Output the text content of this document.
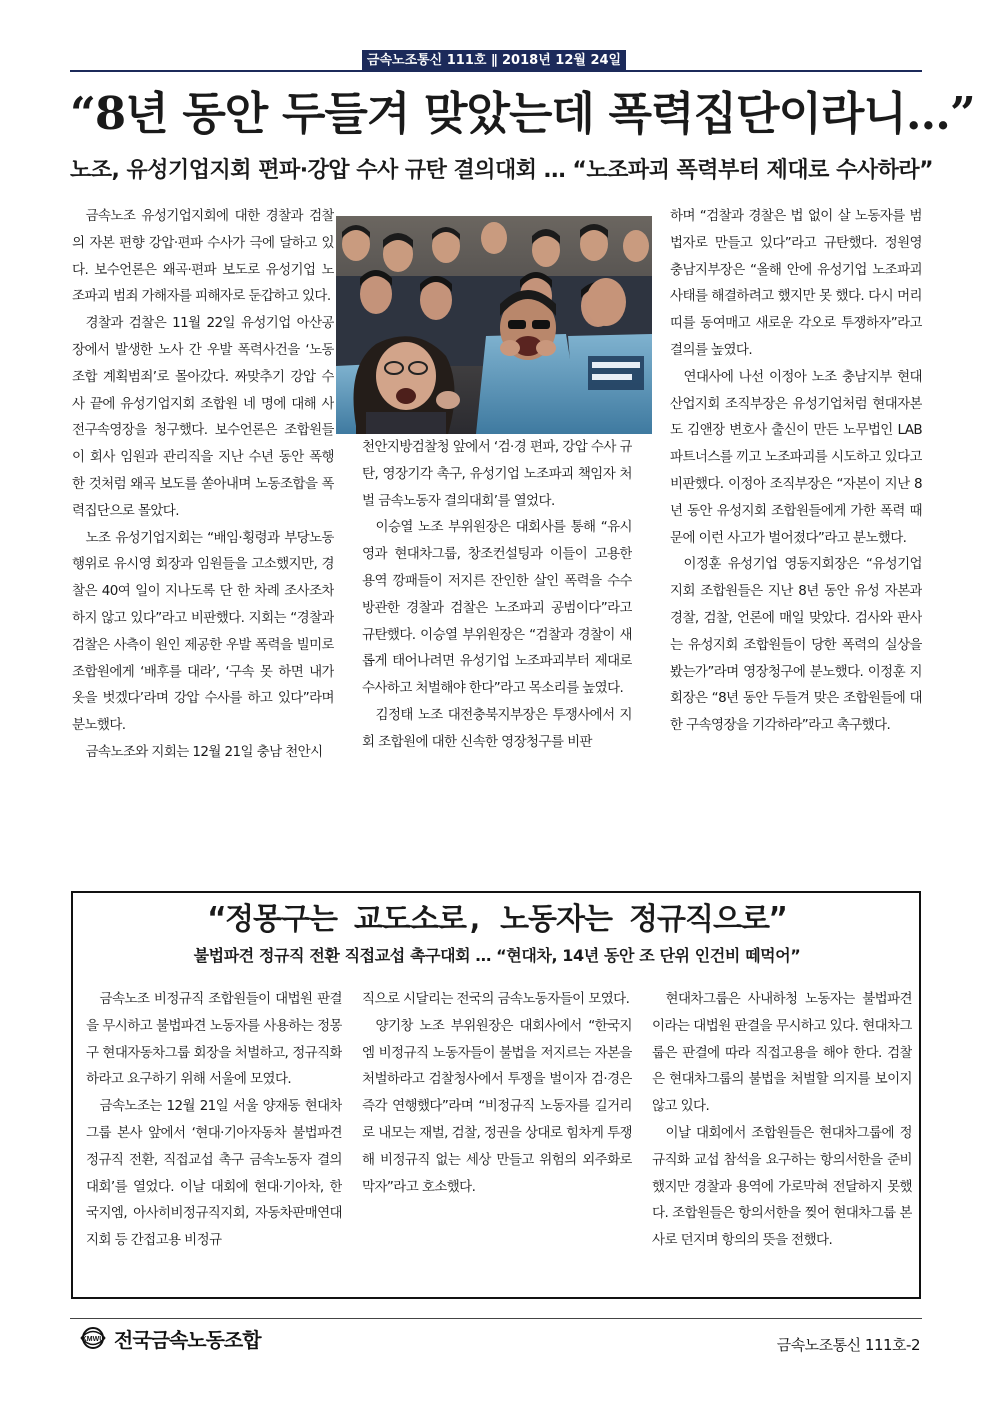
금속노조통신 111호 ∥ 2018년 12월 24일
“8년 동안 두들겨 맞았는데 폭력집단이라니…”
노조, 유성기업지회 편파·강압 수사 규탄 결의대회 … “노조파괴 폭력부터 제대로 수사하라”

금속노조 유성기업지회에 대한 경찰과 검찰의 자본 편향 강압·편파 수사가 극에 달하고 있다. 보수언론은 왜곡·편파 보도로 유성기업 노조파괴 범죄 가해자를 피해자로 둔갑하고 있다.

경찰과 검찰은 11월 22일 유성기업 아산공장에서 발생한 노사 간 우발 폭력사건을 ‘노동조합 계획범죄’로 몰아갔다. 짜맞추기 강압 수사 끝에 유성기업지회 조합원 네 명에 대해 사전구속영장을 청구했다. 보수언론은 조합원들이 회사 임원과 관리직을 지난 수년 동안 폭행한 것처럼 왜곡 보도를 쏟아내며 노동조합을 폭력집단으로 몰았다.

노조 유성기업지회는 “배임·횡령과 부당노동행위로 유시영 회장과 임원들을 고소했지만, 경찰은 40여 일이 지나도록 단 한 차례 조사조차 하지 않고 있다”라고 비판했다. 지회는 “경찰과 검찰은 사측이 원인 제공한 우발 폭력을 빌미로 조합원에게 ‘배후를 대라’, ‘구속 못 하면 내가 옷을 벗겠다’라며 강압 수사를 하고 있다”라며 분노했다.

금속노조와 지회는 12월 21일 충남 천안시

천안지방검찰청 앞에서 ‘검·경 편파, 강압 수사 규탄, 영장기각 촉구, 유성기업 노조파괴 책임자 처벌 금속노동자 결의대회’를 열었다.

이승열 노조 부위원장은 대회사를 통해 “유시영과 현대차그룹, 창조컨설팅과 이들이 고용한 용역 깡패들이 저지른 잔인한 살인 폭력을 수수방관한 경찰과 검찰은 노조파괴 공범이다”라고 규탄했다. 이승열 부위원장은 “검찰과 경찰이 새롭게 태어나려면 유성기업 노조파괴부터 제대로 수사하고 처벌해야 한다”라고 목소리를 높였다.

김정태 노조 대전충북지부장은 투쟁사에서 지회 조합원에 대한 신속한 영장청구를 비판

하며 “검찰과 경찰은 법 없이 살 노동자를 범법자로 만들고 있다”라고 규탄했다. 정원영 충남지부장은 “올해 안에 유성기업 노조파괴 사태를 해결하려고 했지만 못 했다. 다시 머리띠를 동여매고 새로운 각오로 투쟁하자”라고 결의를 높였다.

연대사에 나선 이정아 노조 충남지부 현대산업지회 조직부장은 유성기업처럼 현대자본도 김앤장 변호사 출신이 만든 노무법인 LAB파트너스를 끼고 노조파괴를 시도하고 있다고 비판했다. 이정아 조직부장은 “자본이 지난 8년 동안 유성지회 조합원들에게 가한 폭력 때문에 이런 사고가 벌어졌다”라고 분노했다.

이정훈 유성기업 영동지회장은 “유성기업지회 조합원들은 지난 8년 동안 유성 자본과 경찰, 검찰, 언론에 매일 맞았다. 검사와 판사는 유성지회 조합원들이 당한 폭력의 실상을 봤는가”라며 영장청구에 분노했다. 이정훈 지회장은 “8년 동안 두들겨 맞은 조합원들에 대한 구속영장을 기각하라”라고 촉구했다.

“정몽구는 교도소로, 노동자는 정규직으로”
불법파견 정규직 전환 직접교섭 촉구대회 … “현대차, 14년 동안 조 단위 인건비 떼먹어”

금속노조 비정규직 조합원들이 대법원 판결을 무시하고 불법파견 노동자를 사용하는 정몽구 현대자동차그룹 회장을 처벌하고, 정규직화 하라고 요구하기 위해 서울에 모였다.

금속노조는 12월 21일 서울 양재동 현대차그룹 본사 앞에서 ‘현대·기아자동차 불법파견 정규직 전환, 직접교섭 촉구 금속노동자 결의대회’를 열었다. 이날 대회에 현대·기아차, 한국지엠, 아사히비정규직지회, 자동차판매연대지회 등 간접고용 비정규

직으로 시달리는 전국의 금속노동자들이 모였다.

양기창 노조 부위원장은 대회사에서 “한국지엠 비정규직 노동자들이 불법을 저지르는 자본을 처벌하라고 검찰청사에서 투쟁을 벌이자 검·경은 즉각 연행했다”라며 “비정규직 노동자를 길거리로 내모는 재벌, 검찰, 정권을 상대로 힘차게 투쟁해 비정규직 없는 세상 만들고 위험의 외주화로 막자”라고 호소했다.

현대차그룹은 사내하청 노동자는 불법파견이라는 대법원 판결을 무시하고 있다. 현대차그룹은 판결에 따라 직접고용을 해야 한다. 검찰은 현대차그룹의 불법을 처벌할 의지를 보이지 않고 있다.

이날 대회에서 조합원들은 현대차그룹에 정규직화 교섭 참석을 요구하는 항의서한을 준비했지만 경찰과 용역에 가로막혀 전달하지 못했다. 조합원들은 항의서한을 찢어 현대차그룹 본사로 던지며 항의의 뜻을 전했다.

KMWU 전국금속노동조합	금속노조통신 111호-2
